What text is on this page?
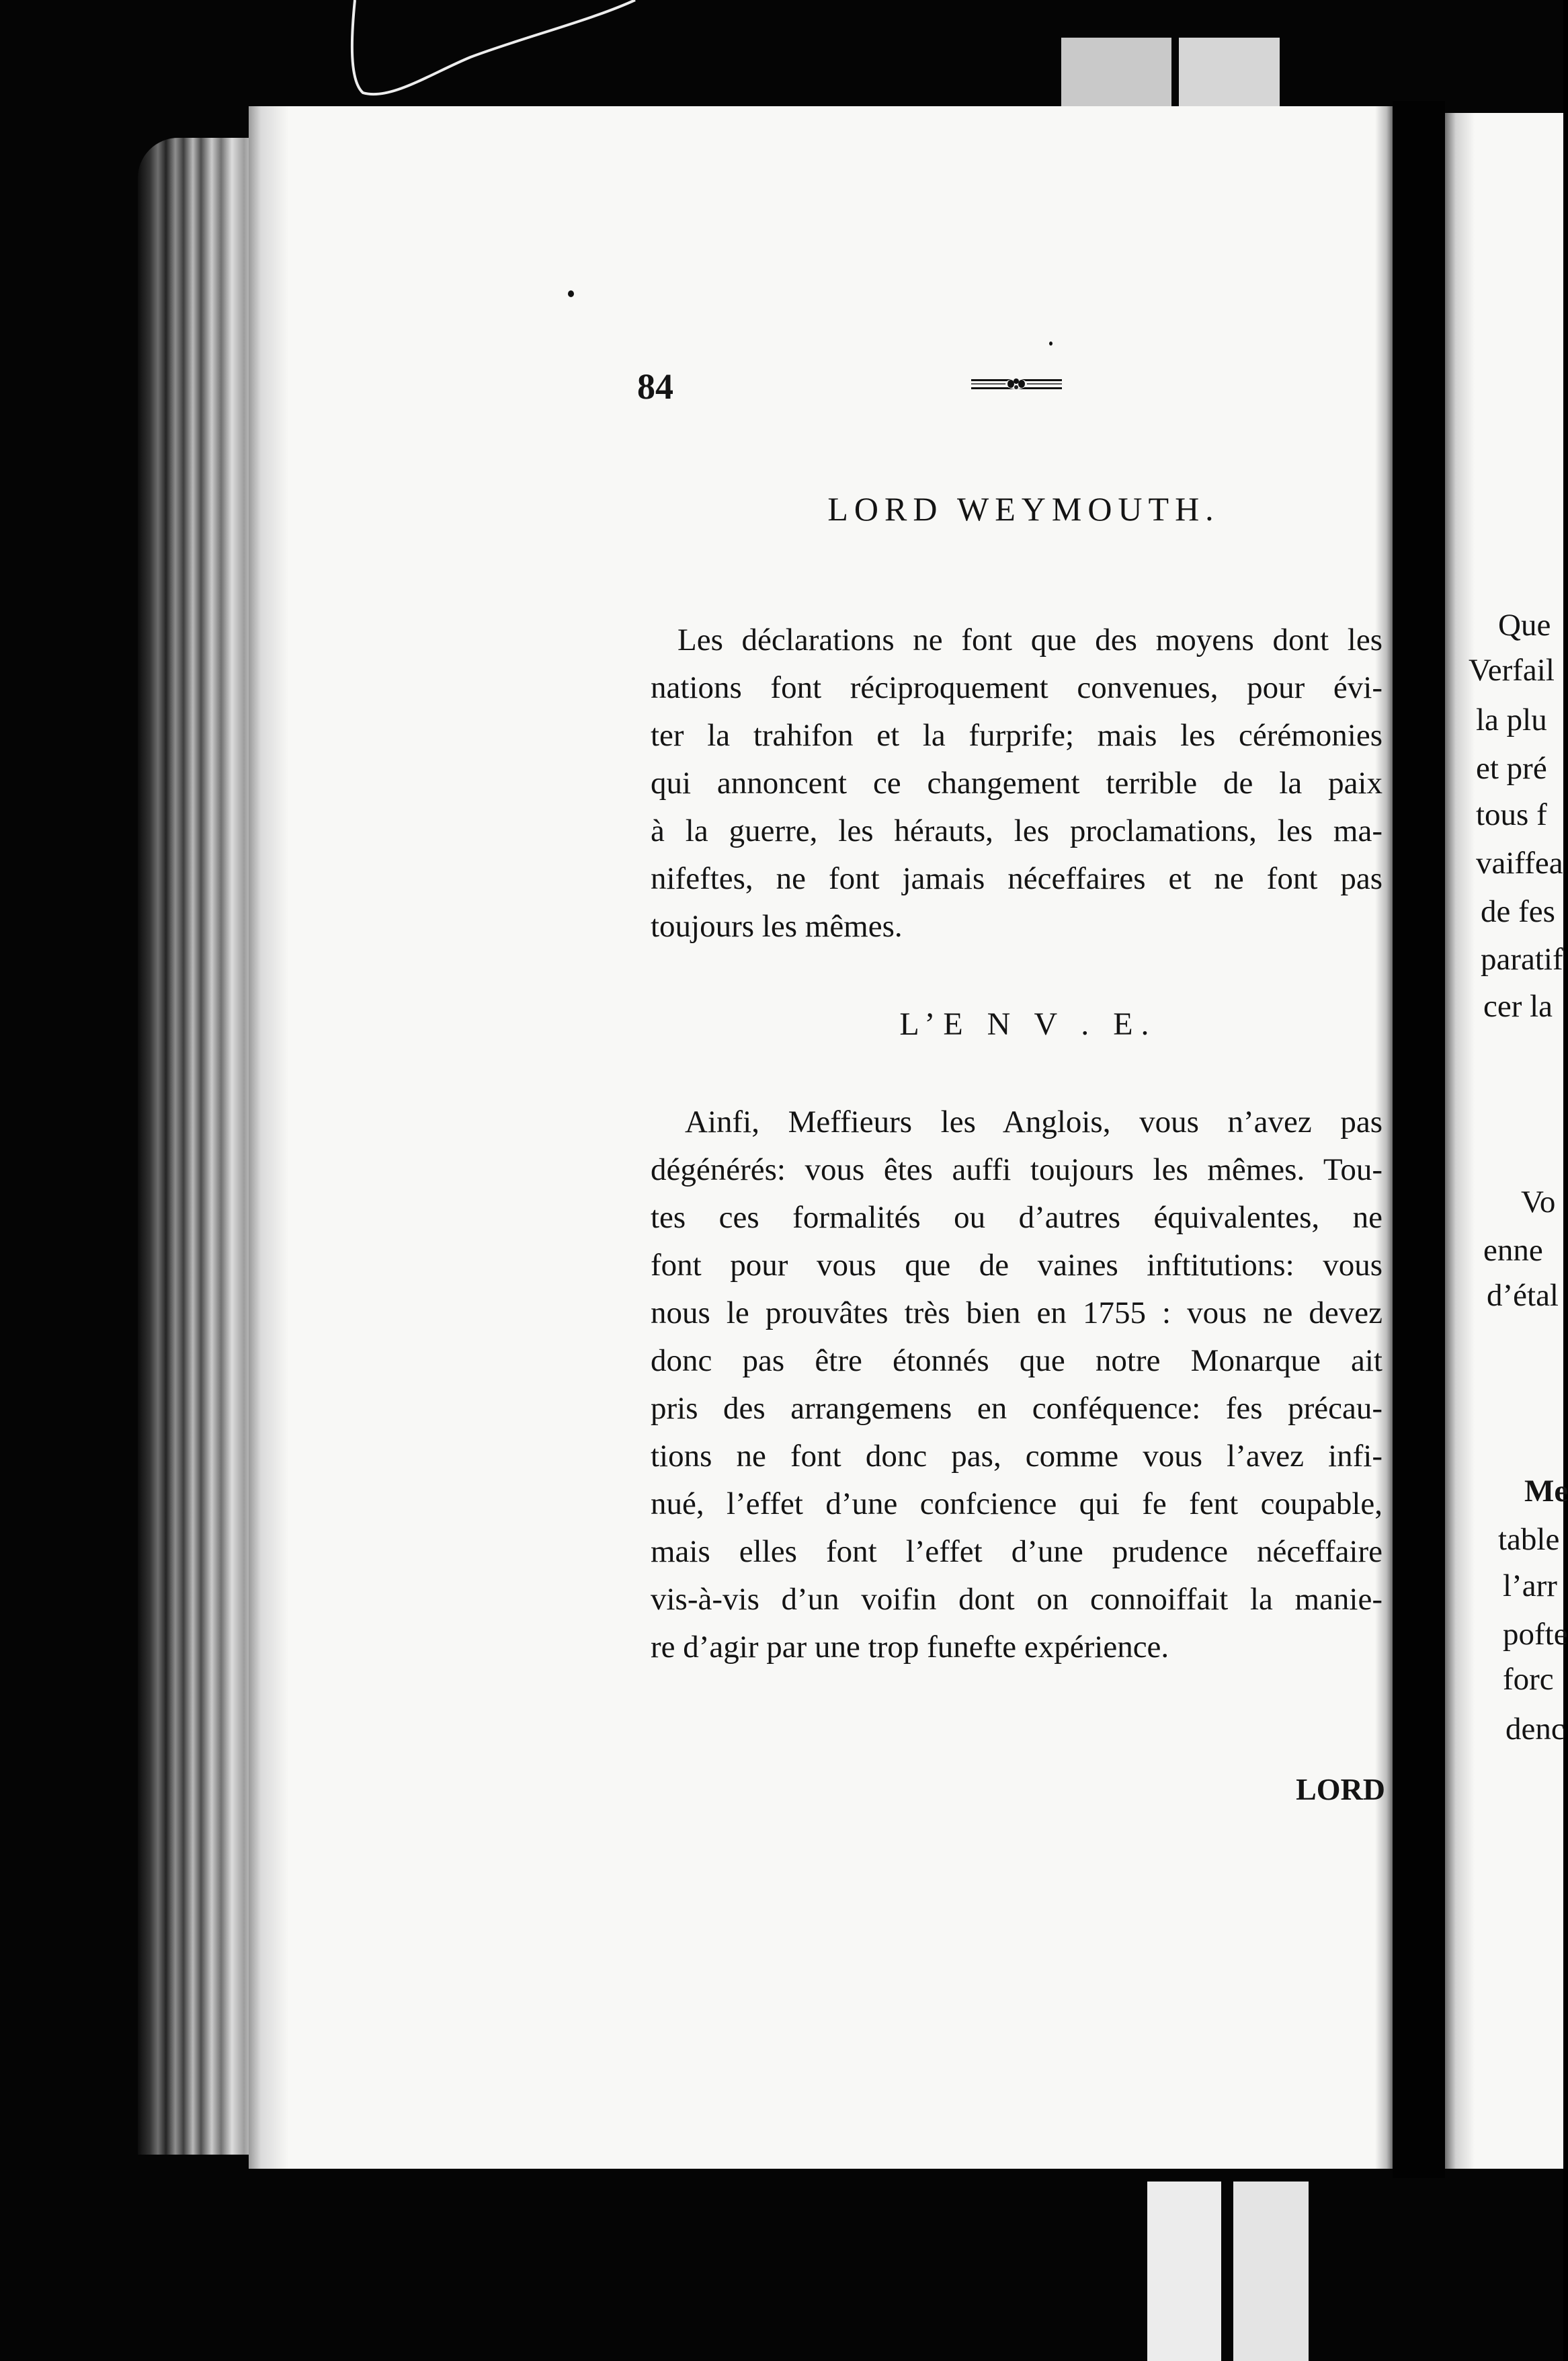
84
LORD WEYMOUTH.
Les déclarations ne font que des moyens dont les
nations font réciproquement convenues, pour évi-
ter la trahifon et la furprife; mais les cérémonies
qui annoncent ce changement terrible de la paix
à la guerre, les hérauts, les proclamations, les ma-
nifeftes, ne font jamais néceffaires et ne font pas
toujours les mêmes.
L’E N V . E.
Ainfi, Meffieurs les Anglois, vous n’avez pas
dégénérés: vous êtes auffi toujours les mêmes. Tou-
tes ces formalités ou d’autres équivalentes, ne
font pour vous que de vaines inftitutions: vous
nous le prouvâtes très bien en 1755 : vous ne devez
donc pas être étonnés que notre Monarque ait
pris des arrangemens en conféquence: fes précau-
tions ne font donc pas, comme vous l’avez infi-
nué, l’effet d’une confcience qui fe fent coupable,
mais elles font l’effet d’une prudence néceffaire
vis-à-vis d’un voifin dont on connoiffait la manie-
re d’agir par une trop funefte expérience.
LORD
Que
Verfail
la plu
et pré
tous f
vaiffea
de fes
paratif
cer la
Vo
enne
d’étal
Me
table
l’arr
pofte
forc
denc
